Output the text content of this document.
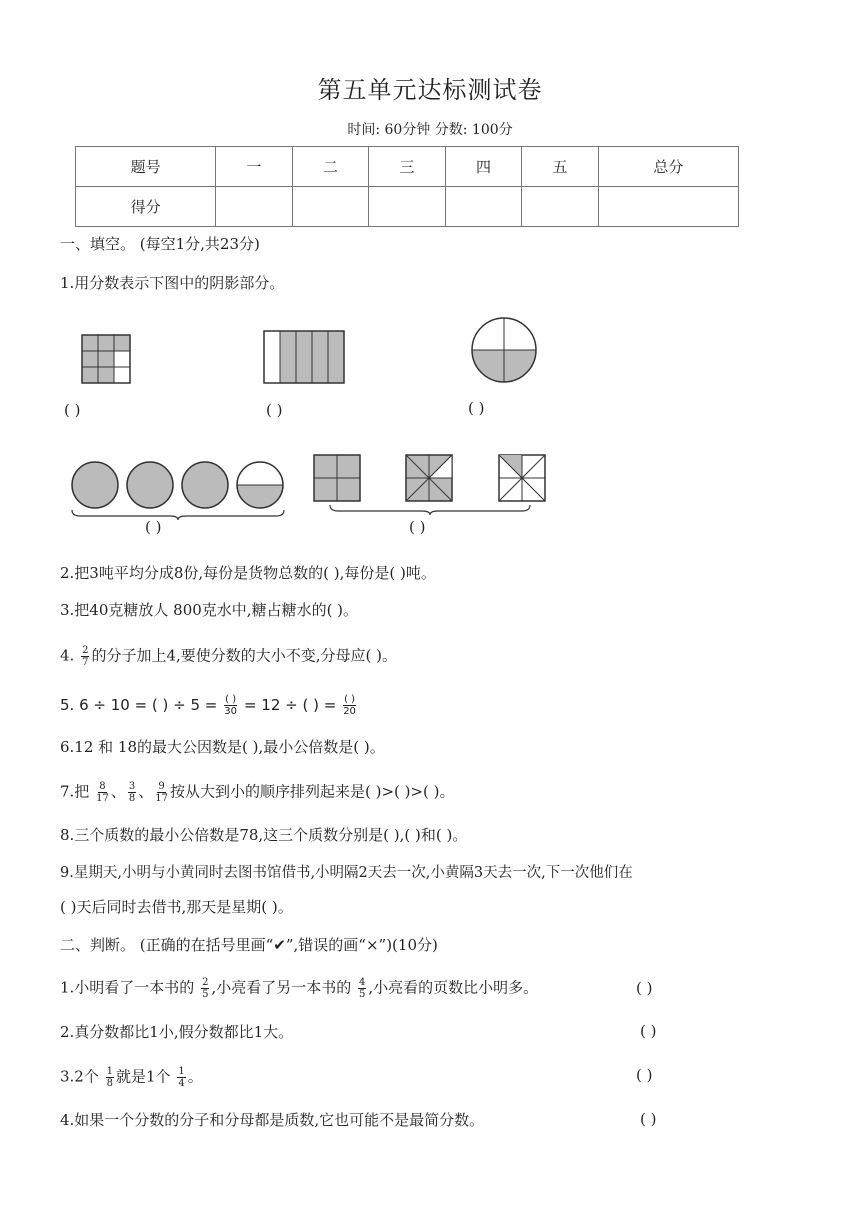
第五单元达标测试卷
时间: 60分钟 分数: 100分
题号	一	二	三	四	五	总分
得分						
一、填空。 (每空1分,共23分)
1.用分数表示下图中的阴影部分。
( )	( )	( )
( )	( )
2.把3吨平均分成8份,每份是货物总数的( ),每份是( )吨。
3.把40克糖放人 800克水中,糖占糖水的( )。
4. $\frac{2}{7}$ 的分子加上4,要使分数的大小不变,分母应( )。
5. 6 ÷ 10 = ( ) ÷ $5 = \frac{( )}{30} = 12$ ÷ ( ) = $\frac{( )}{20}$
6.12 和 18的最大公因数是( ),最小公倍数是( )。
7.把 $\frac{8}{17}$ 、 $\frac{3}{8}$ 、 $\frac{9}{17}$ 按从大到小的顺序排列起来是( )>( )>( )。
8.三个质数的最小公倍数是78,这三个质数分别是( ),( )和( )。
9.星期天,小明与小黄同时去图书馆借书,小明隔2天去一次,小黄隔3天去一次,下一次他们在
( )天后同时去借书,那天是星期( )。
二、判断。 (正确的在括号里画“✔”,错误的画“×”)(10分)
1.小明看了一本书的 $\frac{2}{5}$ ,小亮看了另一本书的 $\frac{4}{5}$ ,小亮看的页数比小明多。	( )
2.真分数都比1小,假分数都比1大。	( )
3.2个 $\frac{1}{8}$ 就是1个 $\frac{1}{4}$ 。	( )
4.如果一个分数的分子和分母都是质数,它也可能不是最简分数。	( )
